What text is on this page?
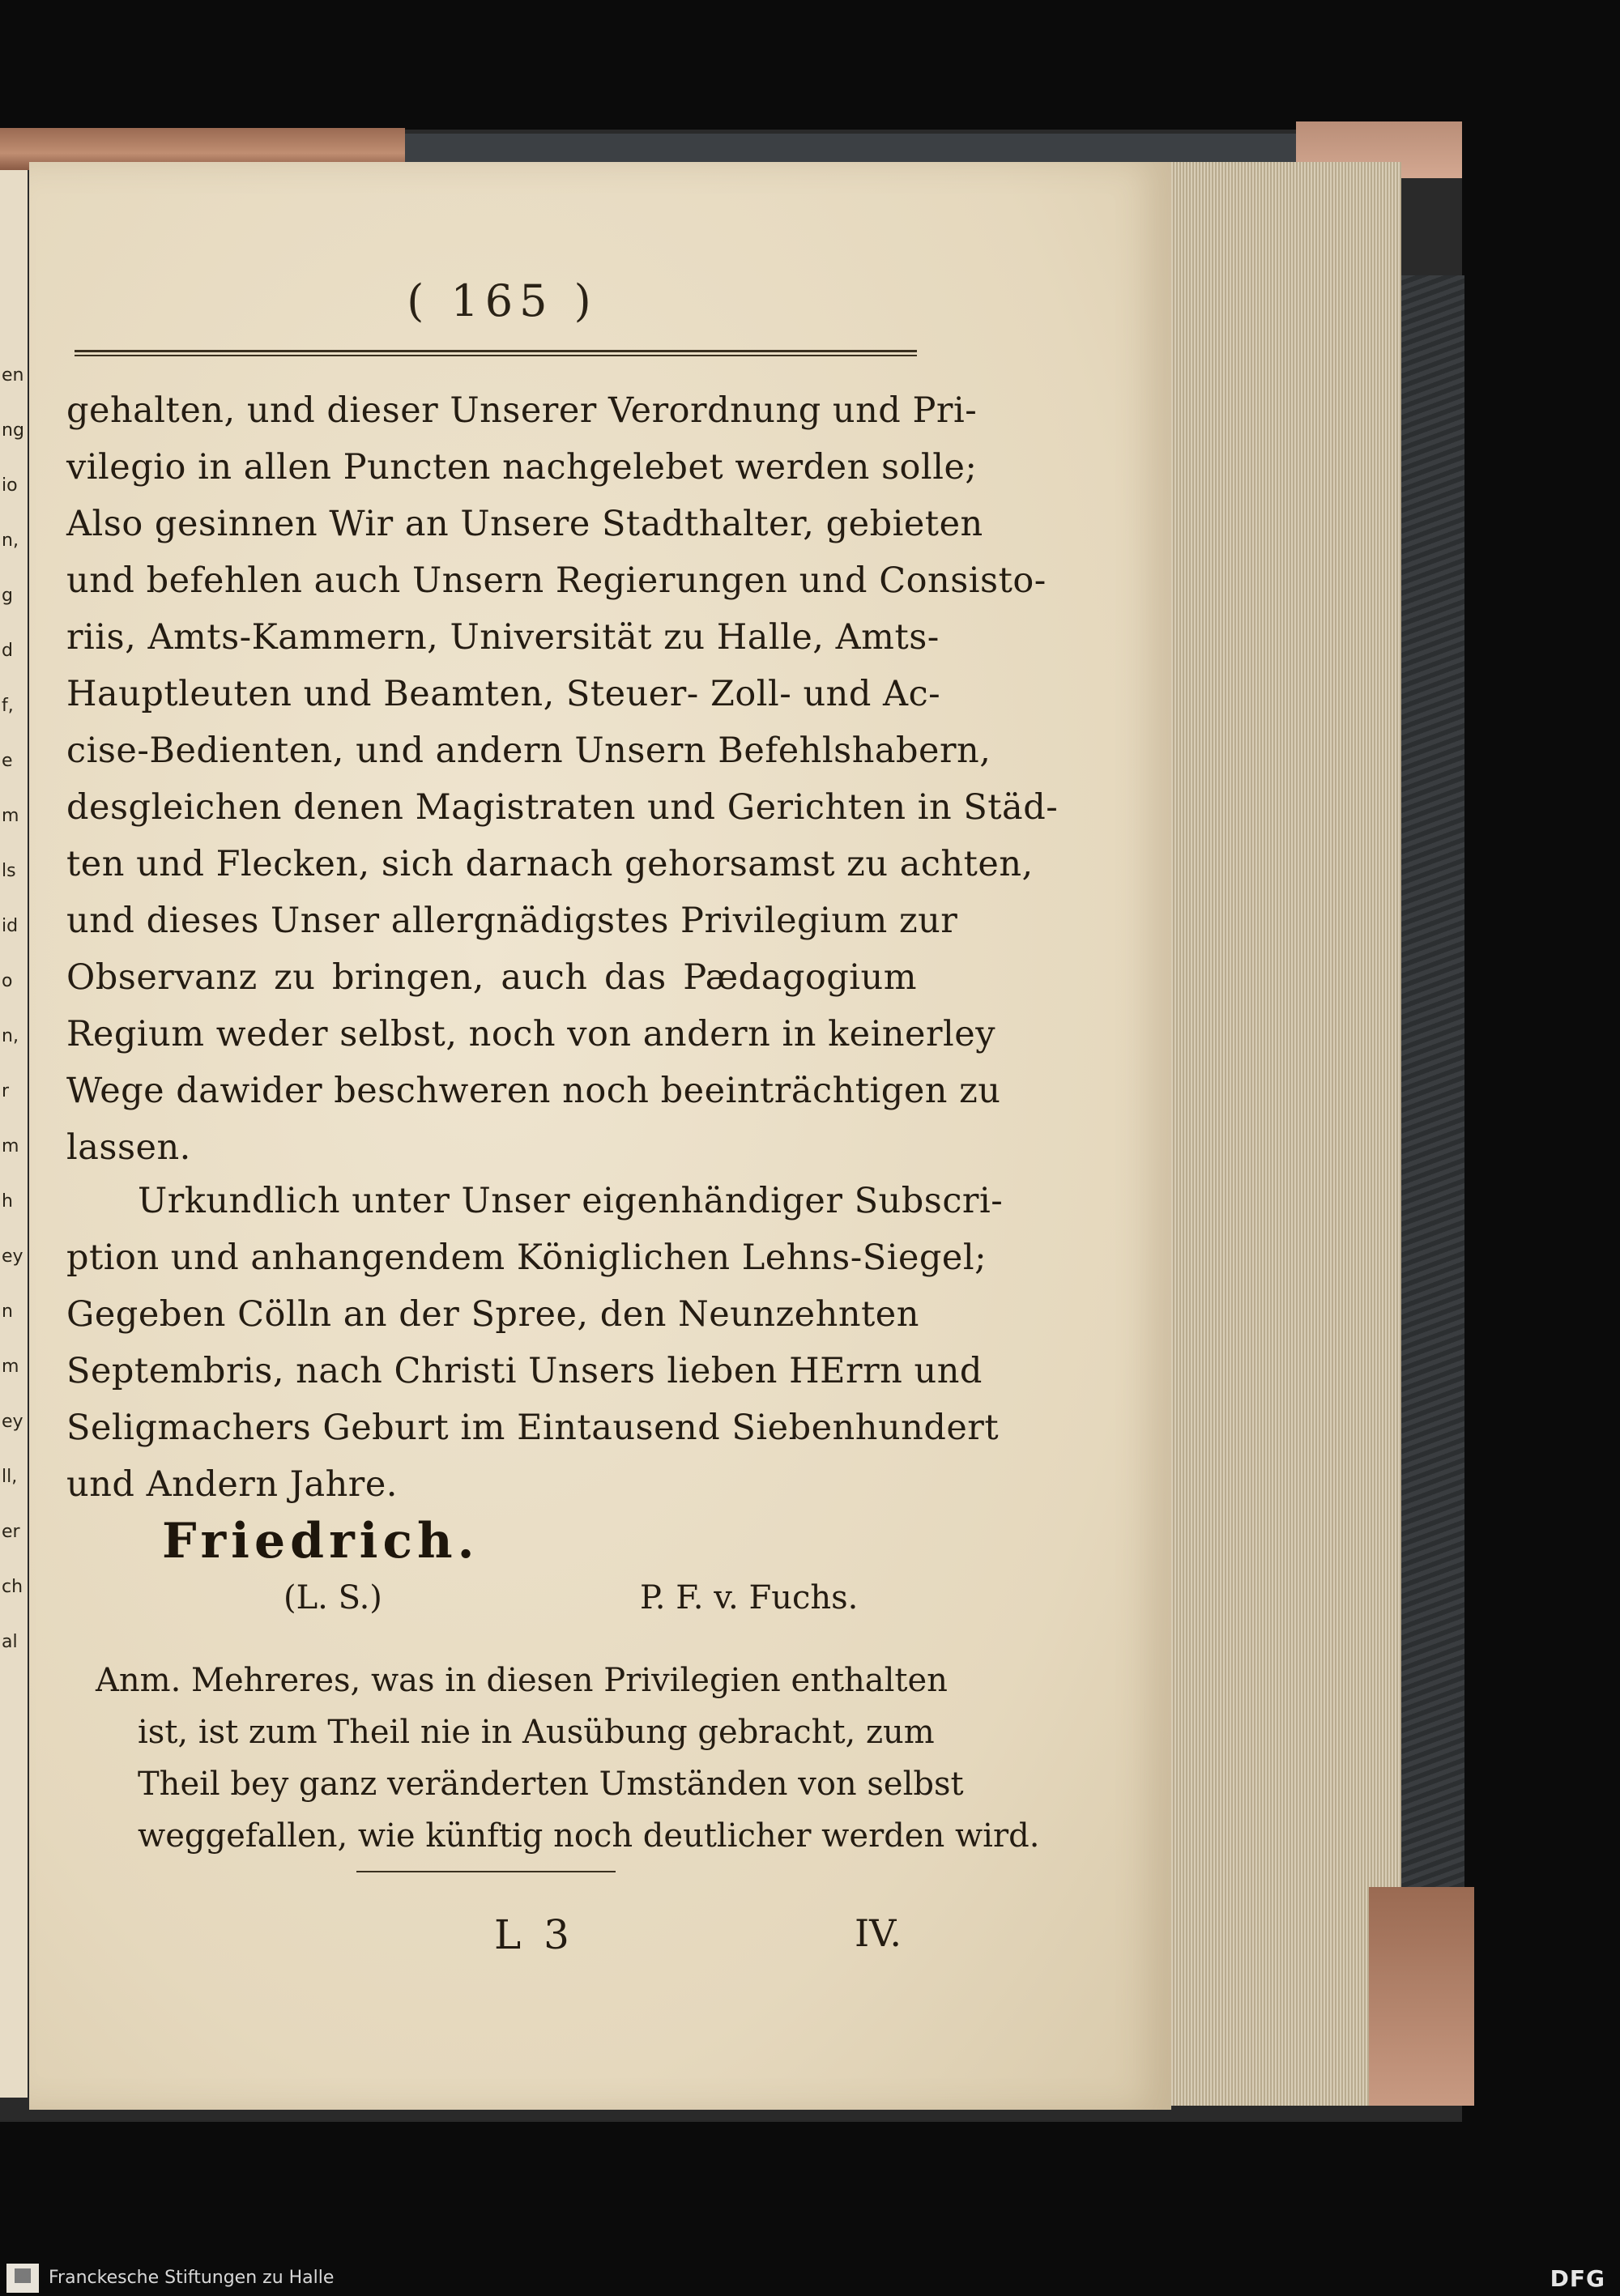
en
ng
io
n,
g
d
f,
e
m
ls
id
o
n,
r
m
h
ey
n
m
ey
ll,
er
ch
al
( 165 )
gehalten, und dieser Unserer Verordnung und Pri-
vilegio in allen Puncten nachgelebet werden solle;
Also gesinnen Wir an Unsere Stadthalter, gebieten
und befehlen auch Unsern Regierungen und Consisto-
riis, Amts-Kammern, Universität zu Halle, Amts-
Hauptleuten und Beamten, Steuer- Zoll- und Ac-
cise-Bedienten, und andern Unsern Befehlshabern,
desgleichen denen Magistraten und Gerichten in Städ-
ten und Flecken, sich darnach gehorsamst zu achten,
und dieses Unser allergnädigstes Privilegium zur
Observanz zu bringen, auch das Pædagogium
Regium weder selbst, noch von andern in keinerley
Wege dawider beschweren noch beeinträchtigen zu
lassen.
Urkundlich unter Unser eigenhändiger Subscri-
ption und anhangendem Königlichen Lehns-Siegel;
Gegeben Cölln an der Spree, den Neunzehnten
Septembris, nach Christi Unsers lieben HErrn und
Seligmachers Geburt im Eintausend Siebenhundert
und Andern Jahre.
Friedrich.
(L. S.)	P. F. v. Fuchs.
Anm. Mehreres, was in diesen Privilegien enthalten
ist, ist zum Theil nie in Ausübung gebracht, zum
Theil bey ganz veränderten Umständen von selbst
weggefallen, wie künftig noch deutlicher werden wird.
L 3	IV.
Franckesche Stiftungen zu Halle	DFG
